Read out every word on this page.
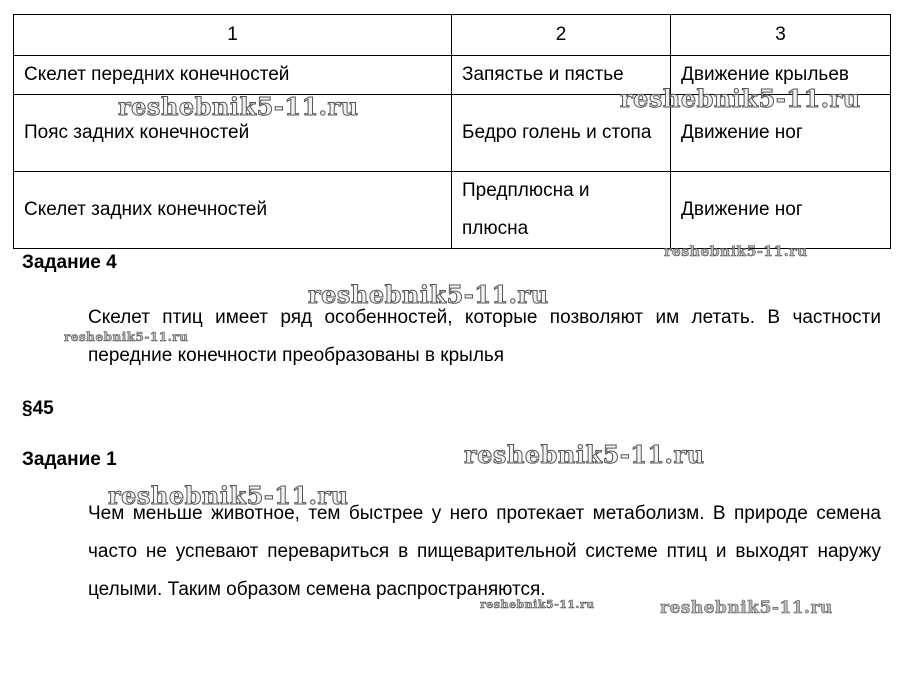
1	2	3
Скелет передних конечностей	Запястье и пястье	Движение крыльев
Пояс задних конечностей	Бедро голень и стопа	Движение ног
Скелет задних конечностей	Предплюсна и плюсна	Движение ног
Задание 4

Скелет птиц имеет ряд особенностей, которые позволяют им летать. В частности передние конечности преобразованы в крылья

§45
Задание 1

Чем меньше животное, тем быстрее у него протекает метаболизм. В природе семена часто не успевают перевариться в пищеварительной системе птиц и выходят наружу целыми. Таким образом семена распространяются.

reshebnik5-11.ru	reshebnik5-11.ru
reshebnik5-11.ru
reshebnik5-11.ru
reshebnik5-11.ru
reshebnik5-11.ru
reshebnik5-11.ru
reshebnik5-11.ru	reshebnik5-11.ru
